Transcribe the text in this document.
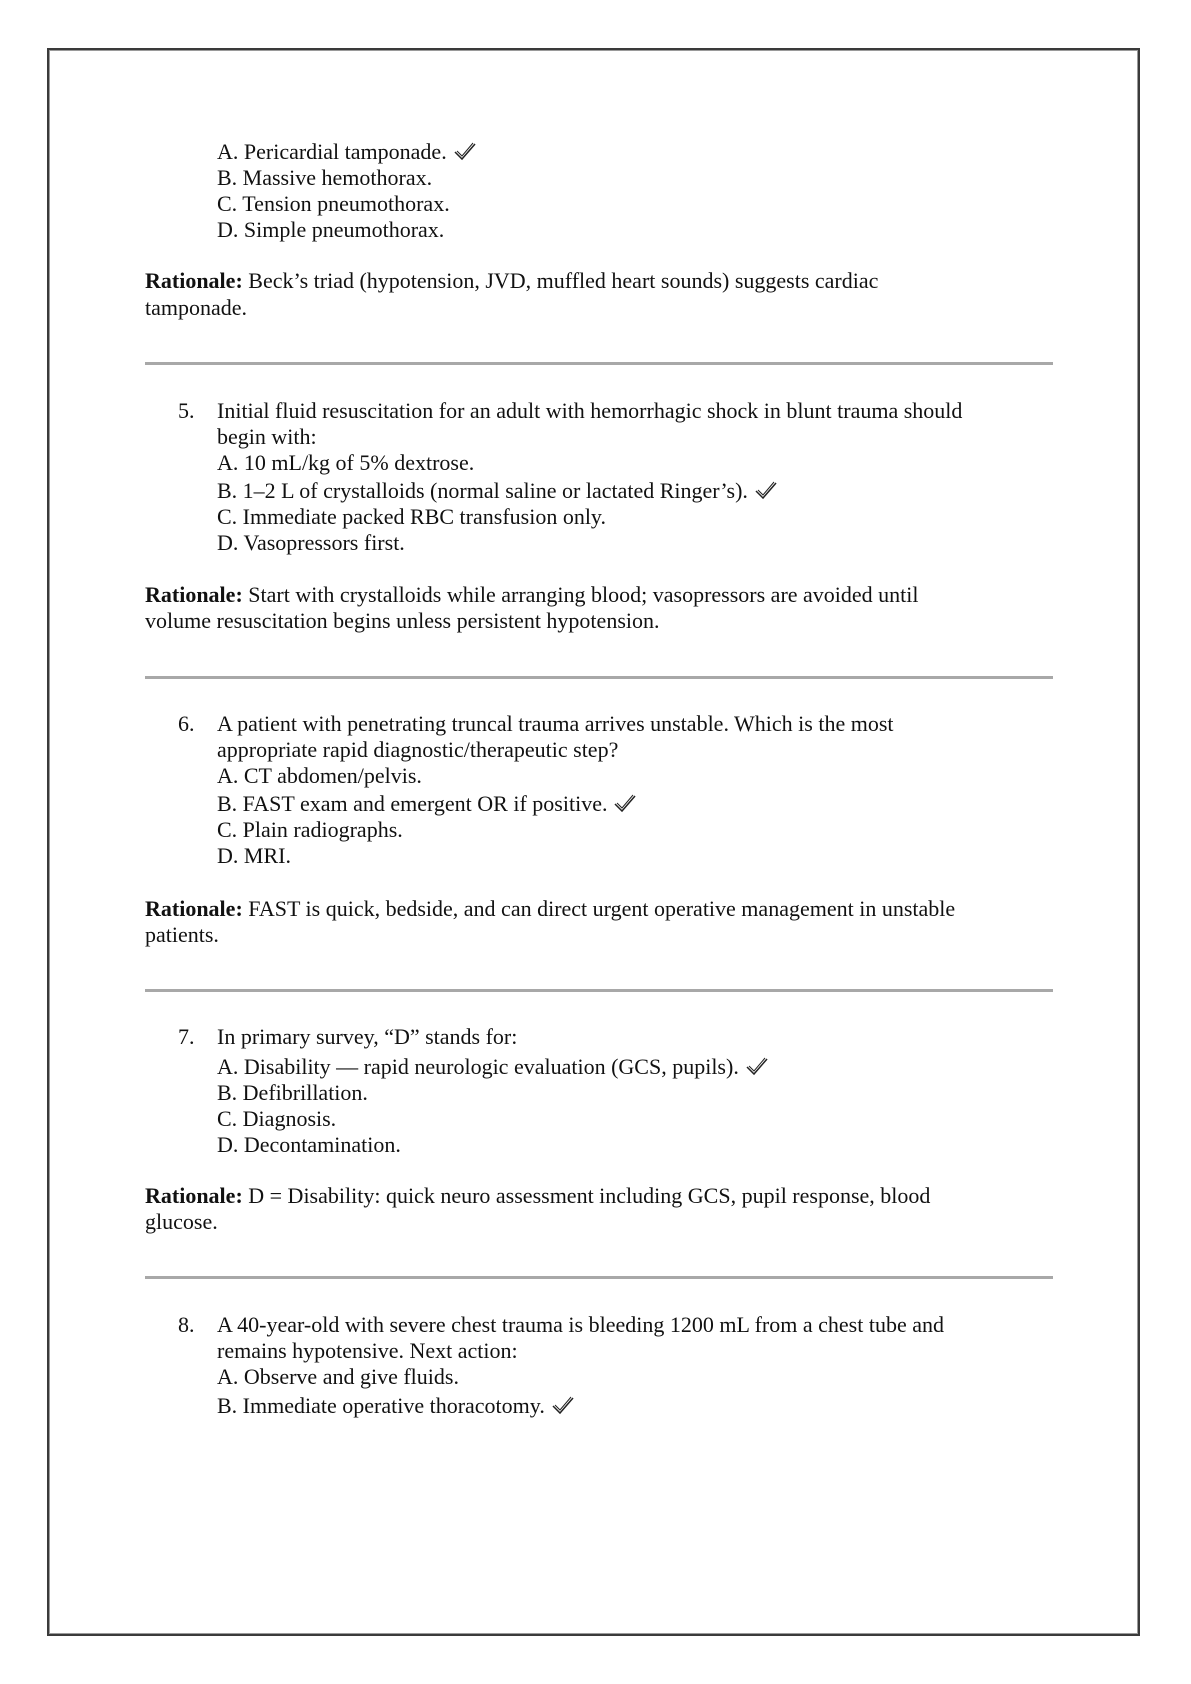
A. Pericardial tamponade.
B. Massive hemothorax.
C. Tension pneumothorax.
D. Simple pneumothorax.
Rationale: Beck’s triad (hypotension, JVD, muffled heart sounds) suggests cardiac
tamponade.
5. Initial fluid resuscitation for an adult with hemorrhagic shock in blunt trauma should
begin with:
A. 10 mL/kg of 5% dextrose.
B. 1–2 L of crystalloids (normal saline or lactated Ringer’s).
C. Immediate packed RBC transfusion only.
D. Vasopressors first.
Rationale: Start with crystalloids while arranging blood; vasopressors are avoided until
volume resuscitation begins unless persistent hypotension.
6. A patient with penetrating truncal trauma arrives unstable. Which is the most
appropriate rapid diagnostic/therapeutic step?
A. CT abdomen/pelvis.
B. FAST exam and emergent OR if positive.
C. Plain radiographs.
D. MRI.
Rationale: FAST is quick, bedside, and can direct urgent operative management in unstable
patients.
7. In primary survey, “D” stands for:
A. Disability — rapid neurologic evaluation (GCS, pupils).
B. Defibrillation.
C. Diagnosis.
D. Decontamination.
Rationale: D = Disability: quick neuro assessment including GCS, pupil response, blood
glucose.
8. A 40-year-old with severe chest trauma is bleeding 1200 mL from a chest tube and
remains hypotensive. Next action:
A. Observe and give fluids.
B. Immediate operative thoracotomy.
